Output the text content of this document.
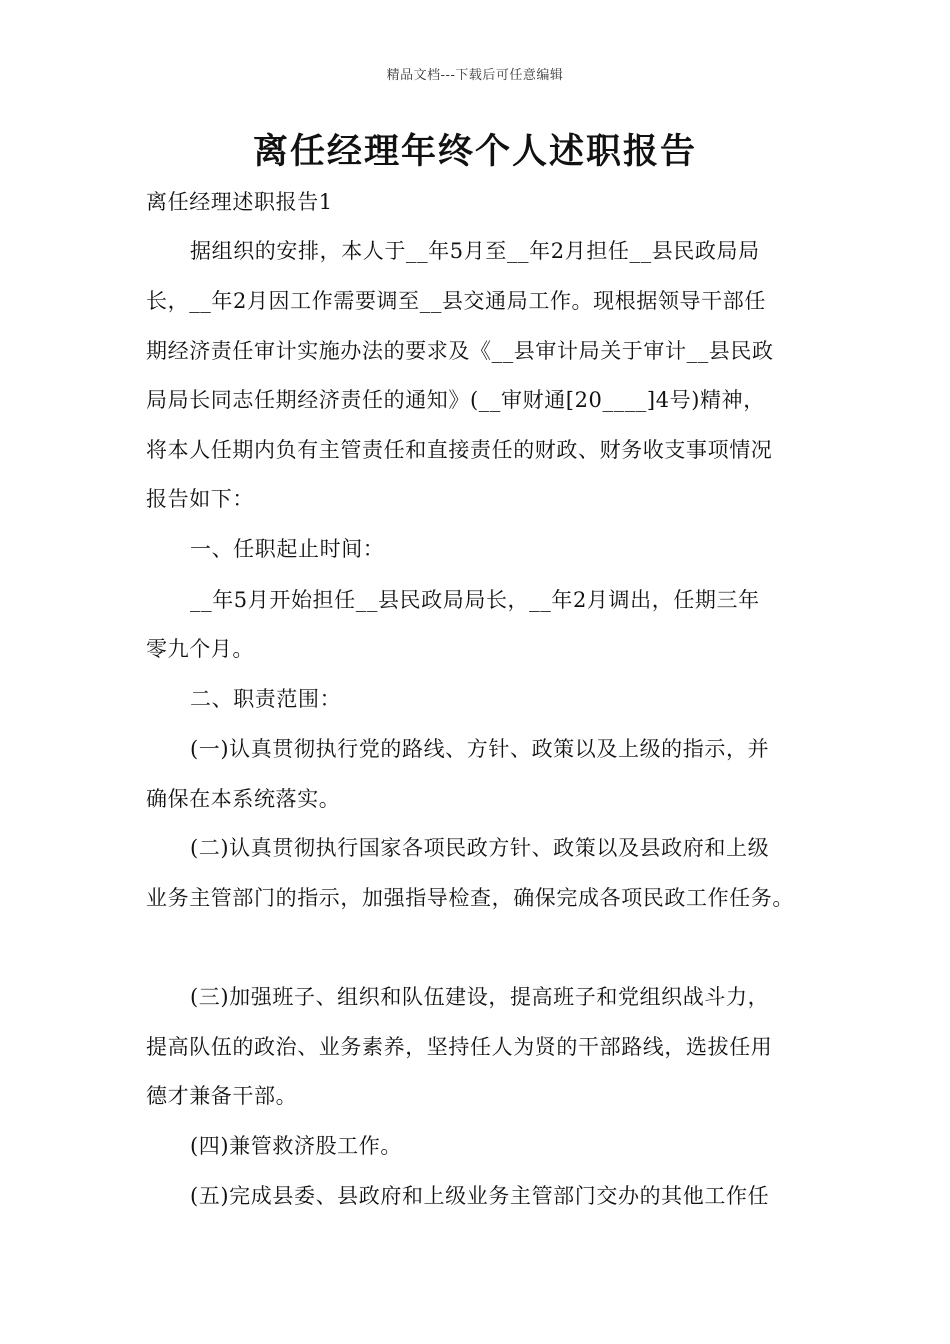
精品文档---下载后可任意编辑
离任经理年终个人述职报告
离任经理述职报告1
据组织的安排，本人于__年5月至__年2月担任__县民政局局
长，__年2月因工作需要调至__县交通局工作。现根据领导干部任
期经济责任审计实施办法的要求及《__县审计局关于审计__县民政
局局长同志任期经济责任的通知》(__审财通[20____]4号)精神，
将本人任期内负有主管责任和直接责任的财政、财务收支事项情况
报告如下：
一、任职起止时间：
__年5月开始担任__县民政局局长，__年2月调出，任期三年
零九个月。
二、职责范围：
(一)认真贯彻执行党的路线、方针、政策以及上级的指示，并
确保在本系统落实。
(二)认真贯彻执行国家各项民政方针、政策以及县政府和上级
业务主管部门的指示，加强指导检查，确保完成各项民政工作任务。
(三)加强班子、组织和队伍建设，提高班子和党组织战斗力，
提高队伍的政治、业务素养，坚持任人为贤的干部路线，选拔任用
德才兼备干部。
(四)兼管救济股工作。
(五)完成县委、县政府和上级业务主管部门交办的其他工作任
